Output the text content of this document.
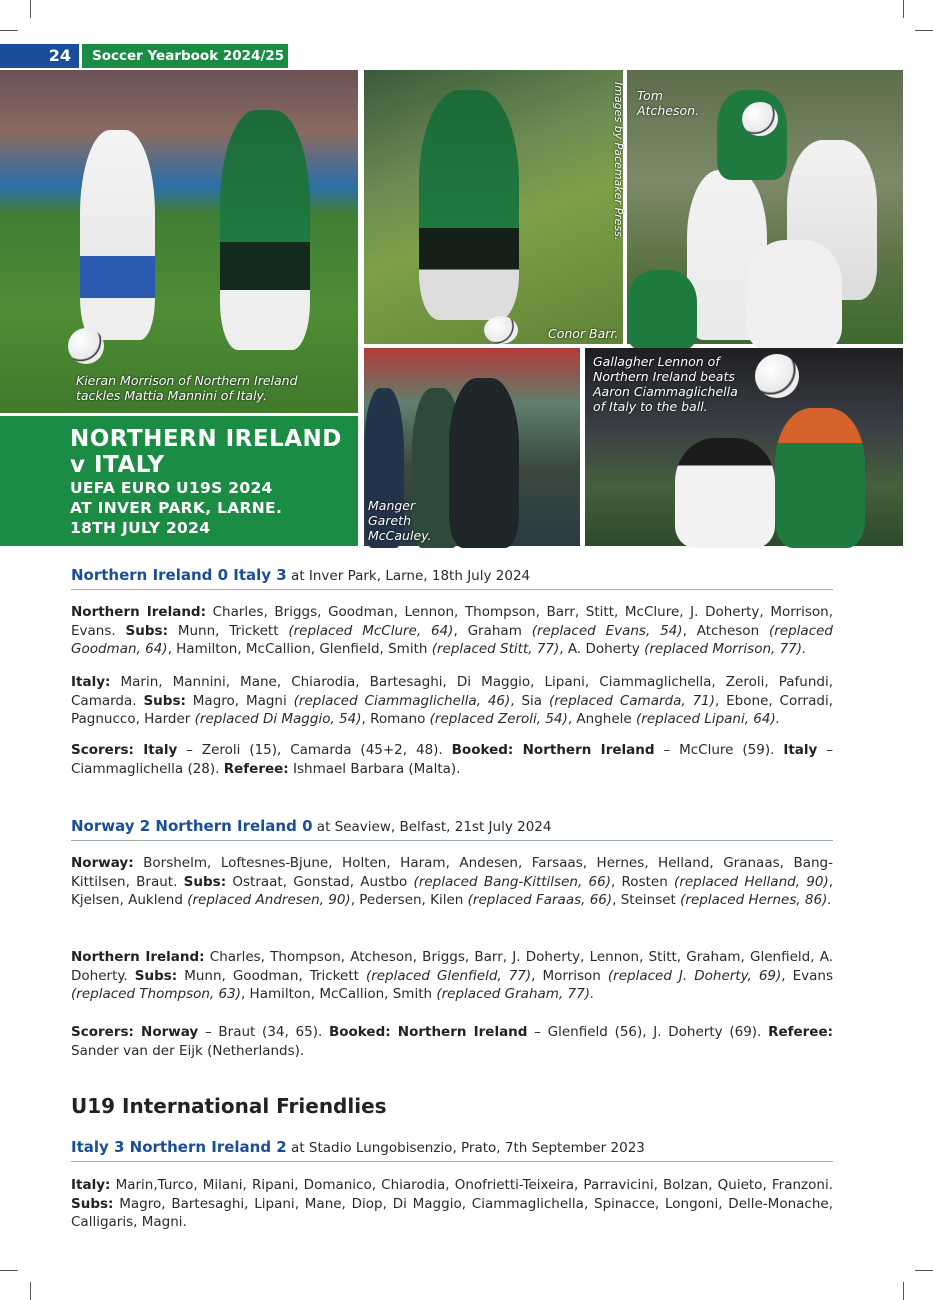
24	Soccer Yearbook 2024/25
Kieran Morrison of Northern Ireland tackles Mattia Mannini of Italy.
Conor Barr.
Images by Pacemaker Press. Tom Atcheson.
NORTHERN IRELAND
v ITALY
UEFA EURO U19S 2024
AT INVER PARK, LARNE.
18TH JULY 2024
Manger Gareth McCauley.
Gallagher Lennon of Northern Ireland beats Aaron Ciammaglichella of Italy to the ball.
Northern Ireland 0 Italy 3 at Inver Park, Larne, 18th July 2024
Northern Ireland: Charles, Briggs, Goodman, Lennon, Thompson, Barr, Stitt, McClure, J. Doherty, Morrison, Evans. Subs: Munn, Trickett (replaced McClure, 64), Graham (replaced Evans, 54), Atcheson (replaced Goodman, 64), Hamilton, McCallion, Glenfield, Smith (replaced Stitt, 77), A. Doherty (replaced Morrison, 77).
Italy: Marin, Mannini, Mane, Chiarodia, Bartesaghi, Di Maggio, Lipani, Ciammaglichella, Zeroli, Pafundi, Camarda. Subs: Magro, Magni (replaced Ciammaglichella, 46), Sia (replaced Camarda, 71), Ebone, Corradi, Pagnucco, Harder (replaced Di Maggio, 54), Romano (replaced Zeroli, 54), Anghele (replaced Lipani, 64).
Scorers: Italy – Zeroli (15), Camarda (45+2, 48). Booked: Northern Ireland – McClure (59). Italy – Ciammaglichella (28). Referee: Ishmael Barbara (Malta).
Norway 2 Northern Ireland 0 at Seaview, Belfast, 21st July 2024
Norway: Borshelm, Loftesnes-Bjune, Holten, Haram, Andesen, Farsaas, Hernes, Helland, Granaas, Bang-Kittilsen, Braut. Subs: Ostraat, Gonstad, Austbo (replaced Bang-Kittilsen, 66), Rosten (replaced Helland, 90), Kjelsen, Auklend (replaced Andresen, 90), Pedersen, Kilen (replaced Faraas, 66), Steinset (replaced Hernes, 86).
Northern Ireland: Charles, Thompson, Atcheson, Briggs, Barr, J. Doherty, Lennon, Stitt, Graham, Glenfield, A. Doherty. Subs: Munn, Goodman, Trickett (replaced Glenfield, 77), Morrison (replaced J. Doherty, 69), Evans (replaced Thompson, 63), Hamilton, McCallion, Smith (replaced Graham, 77).
Scorers: Norway – Braut (34, 65). Booked: Northern Ireland – Glenfield (56), J. Doherty (69). Referee: Sander van der Eijk (Netherlands).
U19 International Friendlies
Italy 3 Northern Ireland 2 at Stadio Lungobisenzio, Prato, 7th September 2023
Italy: Marin,Turco, Milani, Ripani, Domanico, Chiarodia, Onofrietti-Teixeira, Parravicini, Bolzan, Quieto, Franzoni. Subs: Magro, Bartesaghi, Lipani, Mane, Diop, Di Maggio, Ciammaglichella, Spinacce, Longoni, Delle-Monache, Calligaris, Magni.
